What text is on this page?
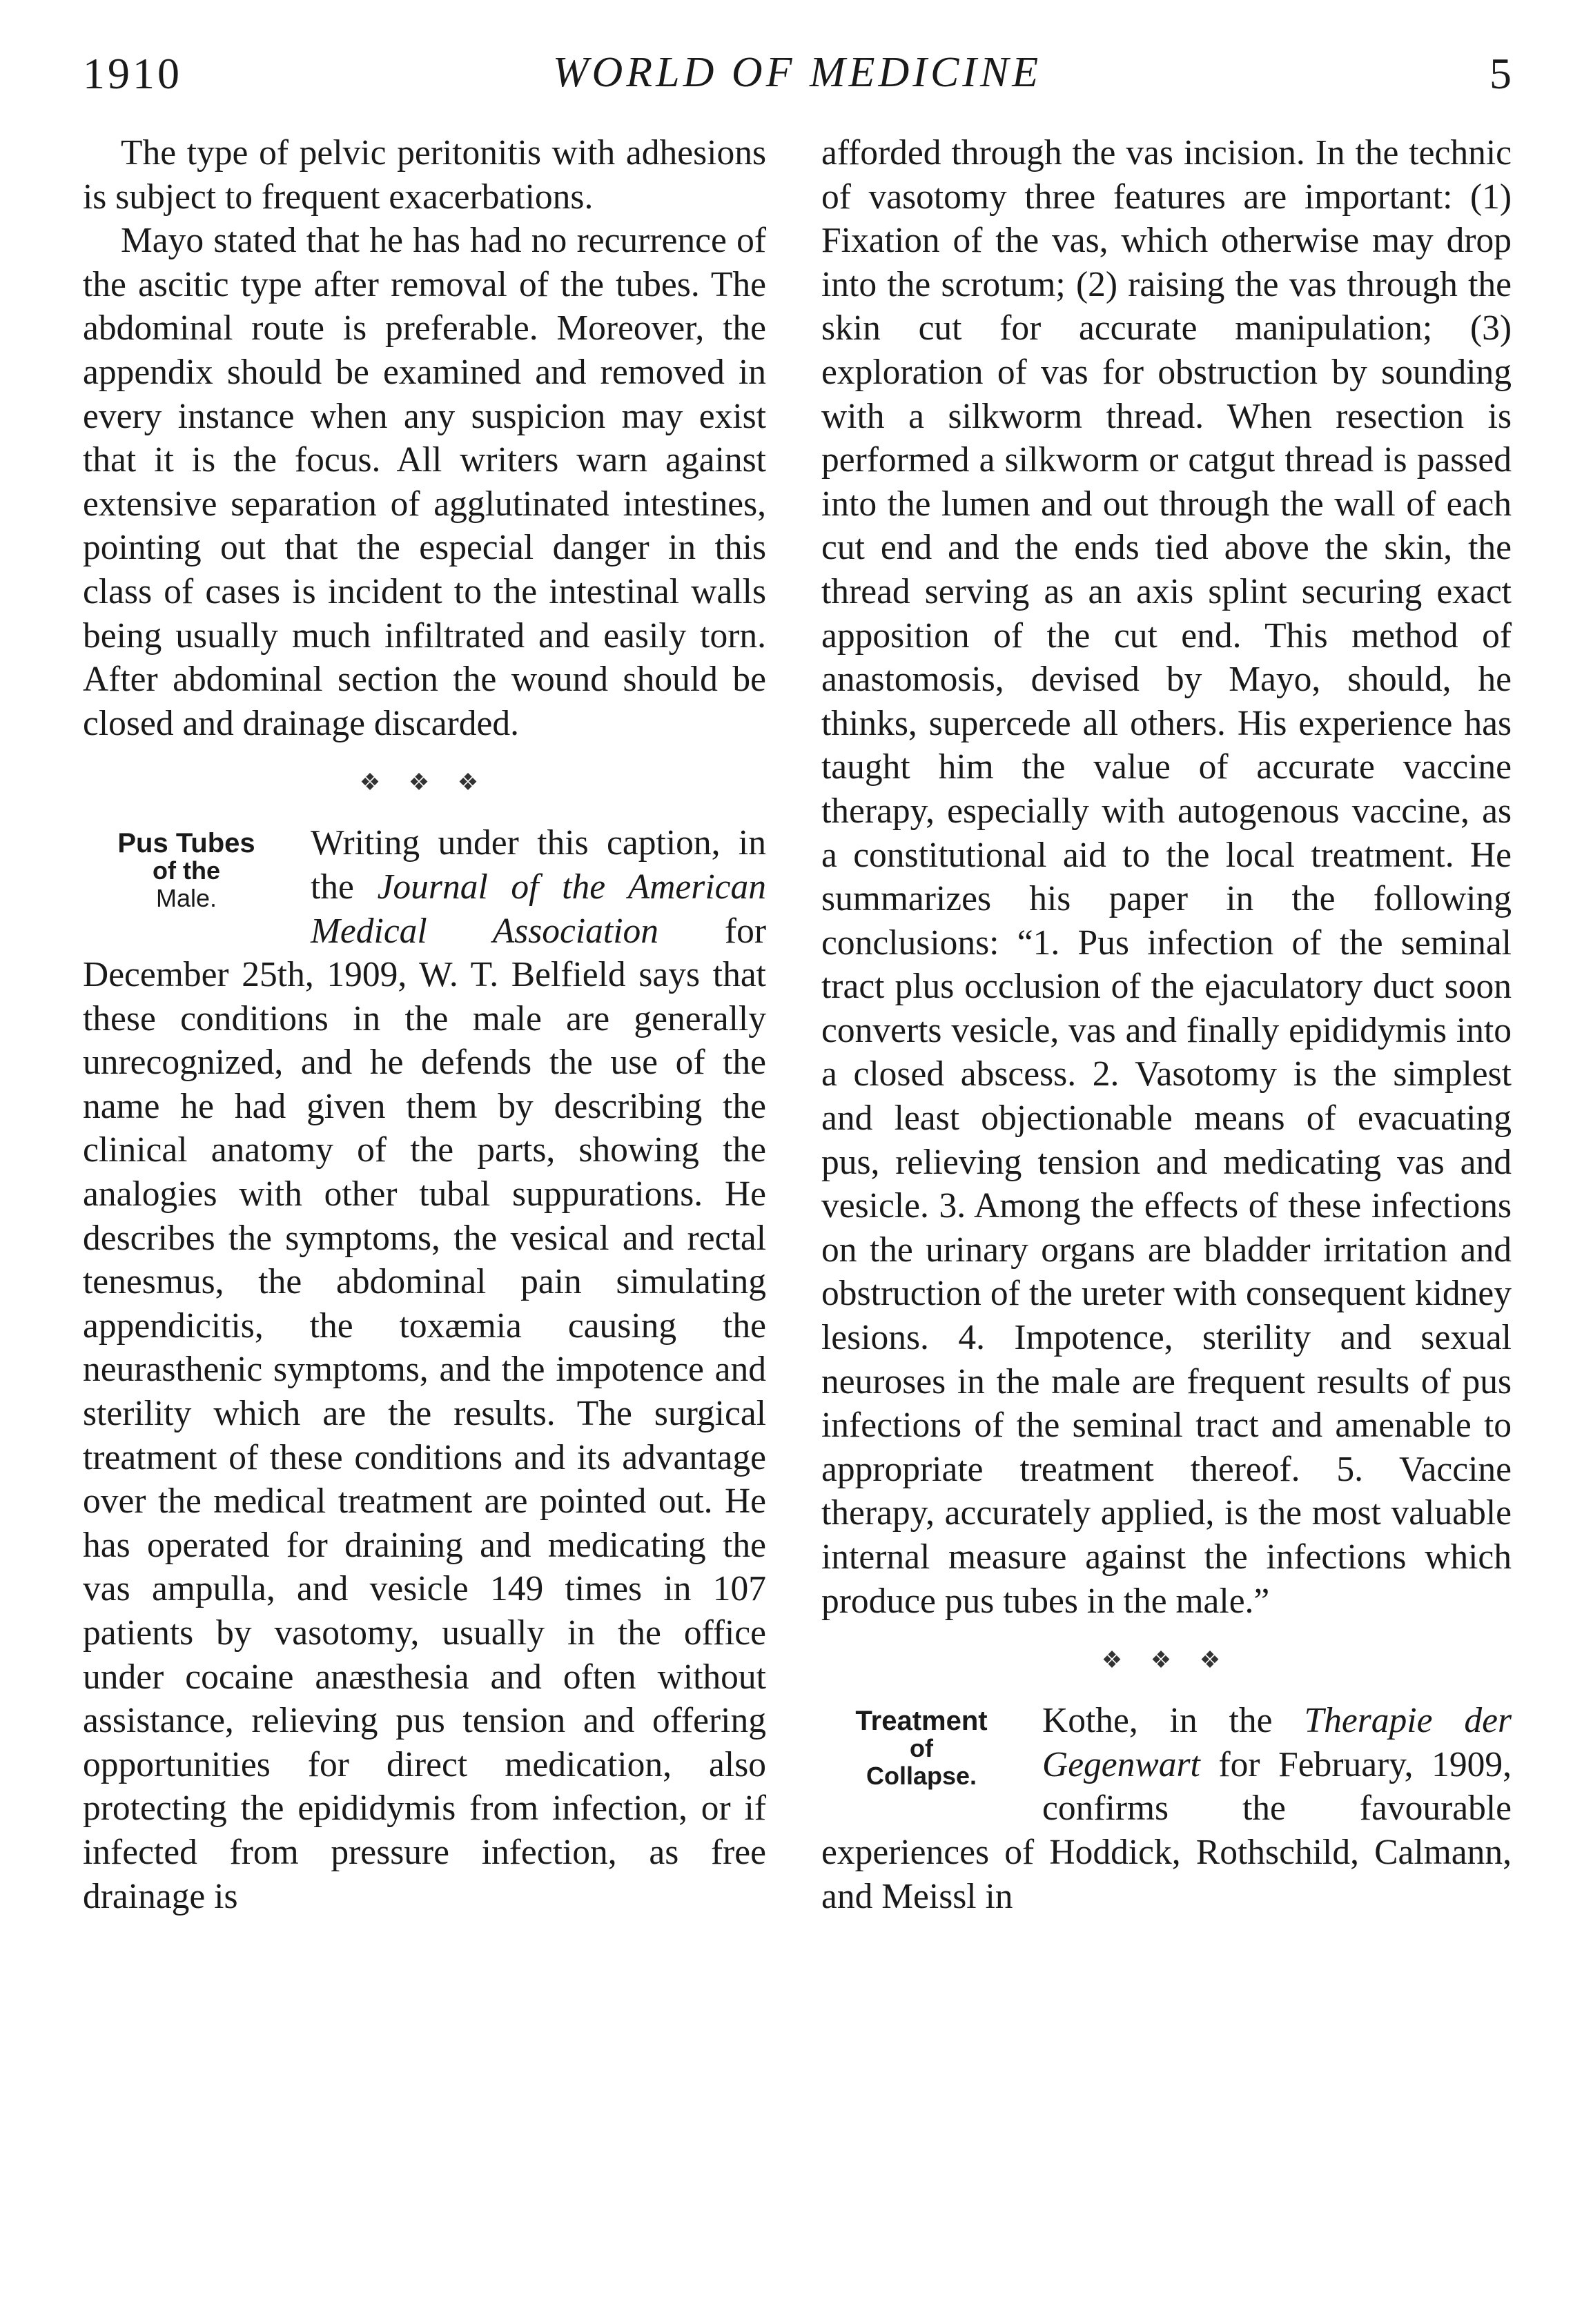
1910	WORLD OF MEDICINE	5

The type of pelvic peritonitis with adhesions is subject to frequent exacerbations.

Mayo stated that he has had no recurrence of the ascitic type after removal of the tubes. The abdominal route is preferable. Moreover, the appendix should be examined and removed in every instance when any suspicion may exist that it is the focus. All writers warn against extensive separation of agglutinated intestines, pointing out that the especial danger in this class of cases is incident to the intestinal walls being usually much infiltrated and easily torn. After abdominal section the wound should be closed and drainage discarded.

❖ ❖ ❖
Pus Tubes
of the
Male.

Writing under this caption, in the Journal of the American Medical Association for December 25th, 1909, W. T. Belfield says that these conditions in the male are generally unrecognized, and he defends the use of the name he had given them by describing the clinical anatomy of the parts, showing the analogies with other tubal suppurations. He describes the symptoms, the vesical and rectal tenesmus, the abdominal pain simulating appendicitis, the toxæmia causing the neurasthenic symptoms, and the impotence and sterility which are the results. The surgical treatment of these conditions and its advantage over the medical treatment are pointed out. He has operated for draining and medicating the vas ampulla, and vesicle 149 times in 107 patients by vasotomy, usually in the office under cocaine anæsthesia and often without assistance, relieving pus tension and offering opportunities for direct medication, also protecting the epididymis from infection, or if infected from pressure infection, as free drainage is

afforded through the vas incision. In the technic of vasotomy three features are important: (1) Fixation of the vas, which otherwise may drop into the scrotum; (2) raising the vas through the skin cut for accurate manipulation; (3) exploration of vas for obstruction by sounding with a silkworm thread. When resection is performed a silkworm or catgut thread is passed into the lumen and out through the wall of each cut end and the ends tied above the skin, the thread serving as an axis splint securing exact apposition of the cut end. This method of anastomosis, devised by Mayo, should, he thinks, supercede all others. His experience has taught him the value of accurate vaccine therapy, especially with autogenous vaccine, as a constitutional aid to the local treatment. He summarizes his paper in the following conclusions: “1. Pus infection of the seminal tract plus occlusion of the ejaculatory duct soon converts vesicle, vas and finally epididymis into a closed abscess. 2. Vasotomy is the simplest and least objectionable means of evacuating pus, relieving tension and medicating vas and vesicle. 3. Among the effects of these infections on the urinary organs are bladder irritation and obstruction of the ureter with consequent kidney lesions. 4. Impotence, sterility and sexual neuroses in the male are frequent results of pus infections of the seminal tract and amenable to appropriate treatment thereof. 5. Vaccine therapy, accurately applied, is the most valuable internal measure against the infections which produce pus tubes in the male.”

❖ ❖ ❖
Treatment
of
Collapse.

Kothe, in the Therapie der Gegenwart for February, 1909, confirms the favourable experiences of Hoddick, Rothschild, Calmann, and Meissl in
